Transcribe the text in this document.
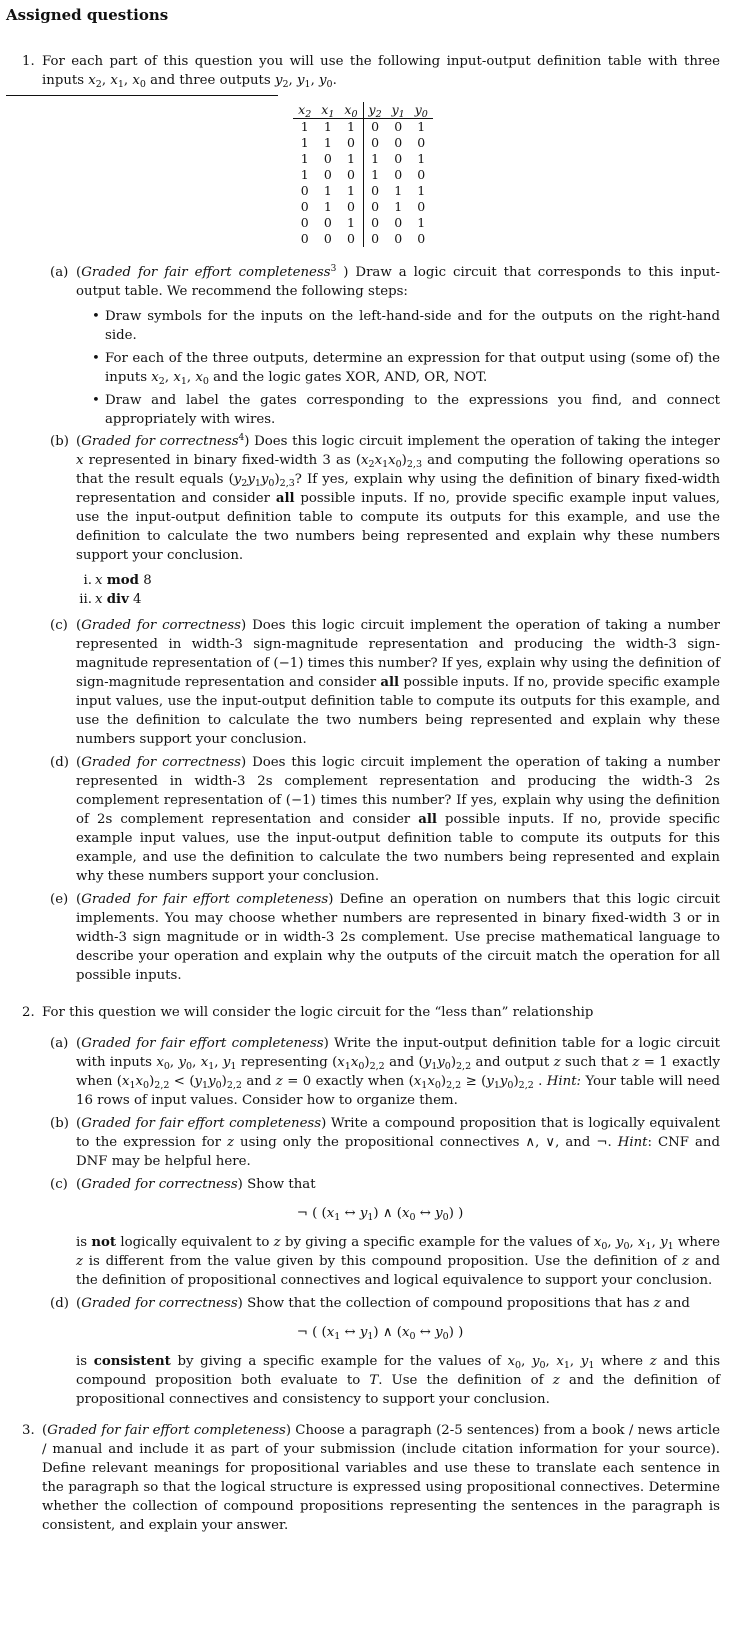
Assigned questions
1. For each part of this question you will use the following input-output definition table with three inputs $x_2$, $x_1$, $x_0$ and three outputs $y_2$, $y_1$, $y_0$.
$x_2$	$x_1$	$x_0$	$y_2$	$y_1$	$y_0$
1	1	1	0	0	1
1	1	0	0	0	0
1	0	1	1	0	1
1	0	0	1	0	0
0	1	1	0	1	1
0	1	0	0	1	0
0	0	1	0	0	1
0	0	0	0	0	0
(a) (Graded for fair effort completeness$^3$ ) Draw a logic circuit that corresponds to this input-output table. We recommend the following steps:
• Draw symbols for the inputs on the left-hand-side and for the outputs on the right-hand side.
• For each of the three outputs, determine an expression for that output using (some of) the inputs $x_2$, $x_1$, $x_0$ and the logic gates XOR, AND, OR, NOT.
• Draw and label the gates corresponding to the expressions you find, and connect appropriately with wires.
(b) (Graded for correctness$^4$) Does this logic circuit implement the operation of taking the integer x represented in binary fixed-width 3 as $(x_2x_1x_0)_{2,3}$ and computing the following operations so that the result equals $(y_2y_1y_0)_{2,3}$? If yes, explain why using the definition of binary fixed-width representation and consider all possible inputs. If no, provide specific example input values, use the input-output definition table to compute its outputs for this example, and use the definition to calculate the two numbers being represented and explain why these numbers support your conclusion.
i. x mod 8
ii. x div 4
(c) (Graded for correctness) Does this logic circuit implement the operation of taking a number represented in width-3 sign-magnitude representation and producing the width-3 sign-magnitude representation of (−1) times this number? If yes, explain why using the definition of sign-magnitude representation and consider all possible inputs. If no, provide specific example input values, use the input-output definition table to compute its outputs for this example, and use the definition to calculate the two numbers being represented and explain why these numbers support your conclusion.
(d) (Graded for correctness) Does this logic circuit implement the operation of taking a number represented in width-3 2s complement representation and producing the width-3 2s complement representation of (−1) times this number? If yes, explain why using the definition of 2s complement representation and consider all possible inputs. If no, provide specific example input values, use the input-output definition table to compute its outputs for this example, and use the definition to calculate the two numbers being represented and explain why these numbers support your conclusion.
(e) (Graded for fair effort completeness) Define an operation on numbers that this logic circuit implements. You may choose whether numbers are represented in binary fixed-width 3 or in width-3 sign magnitude or in width-3 2s complement. Use precise mathematical language to describe your operation and explain why the outputs of the circuit match the operation for all possible inputs.
2. For this question we will consider the logic circuit for the “less than” relationship
(a) (Graded for fair effort completeness) Write the input-output definition table for a logic circuit with inputs $x_0$, $y_0$, $x_1$, $y_1$ representing $(x_1x_0)_{2,2}$ and $(y_1y_0)_{2,2}$ and output z such that z = 1 exactly when $(x_1x_0)_{2,2} < (y_1y_0)_{2,2}$ and z = 0 exactly when $(x_1x_0)_{2,2} \ge (y_1y_0)_{2,2}$ . Hint: Your table will need 16 rows of input values. Consider how to organize them.
(b) (Graded for fair effort completeness) Write a compound proposition that is logically equivalent to the expression for z using only the propositional connectives ∧, ∨, and ¬. Hint: CNF and DNF may be helpful here.
(c) (Graded for correctness) Show that
¬ ( ($x_1$ ↔ $y_1$) ∧ ($x_0$ ↔ $y_0$) )
is not logically equivalent to z by giving a specific example for the values of $x_0$, $y_0$, $x_1$, $y_1$ where z is different from the value given by this compound proposition. Use the definition of z and the definition of propositional connectives and logical equivalence to support your conclusion.
(d) (Graded for correctness) Show that the collection of compound propositions that has z and
¬ ( ($x_1$ ↔ $y_1$) ∧ ($x_0$ ↔ $y_0$) )
is consistent by giving a specific example for the values of $x_0$, $y_0$, $x_1$, $y_1$ where z and this compound proposition both evaluate to T. Use the definition of z and the definition of propositional connectives and consistency to support your conclusion.
3. (Graded for fair effort completeness) Choose a paragraph (2-5 sentences) from a book / news article / manual and include it as part of your submission (include citation information for your source). Define relevant meanings for propositional variables and use these to translate each sentence in the paragraph so that the logical structure is expressed using propositional connectives. Determine whether the collection of compound propositions representing the sentences in the paragraph is consistent, and explain your answer.
